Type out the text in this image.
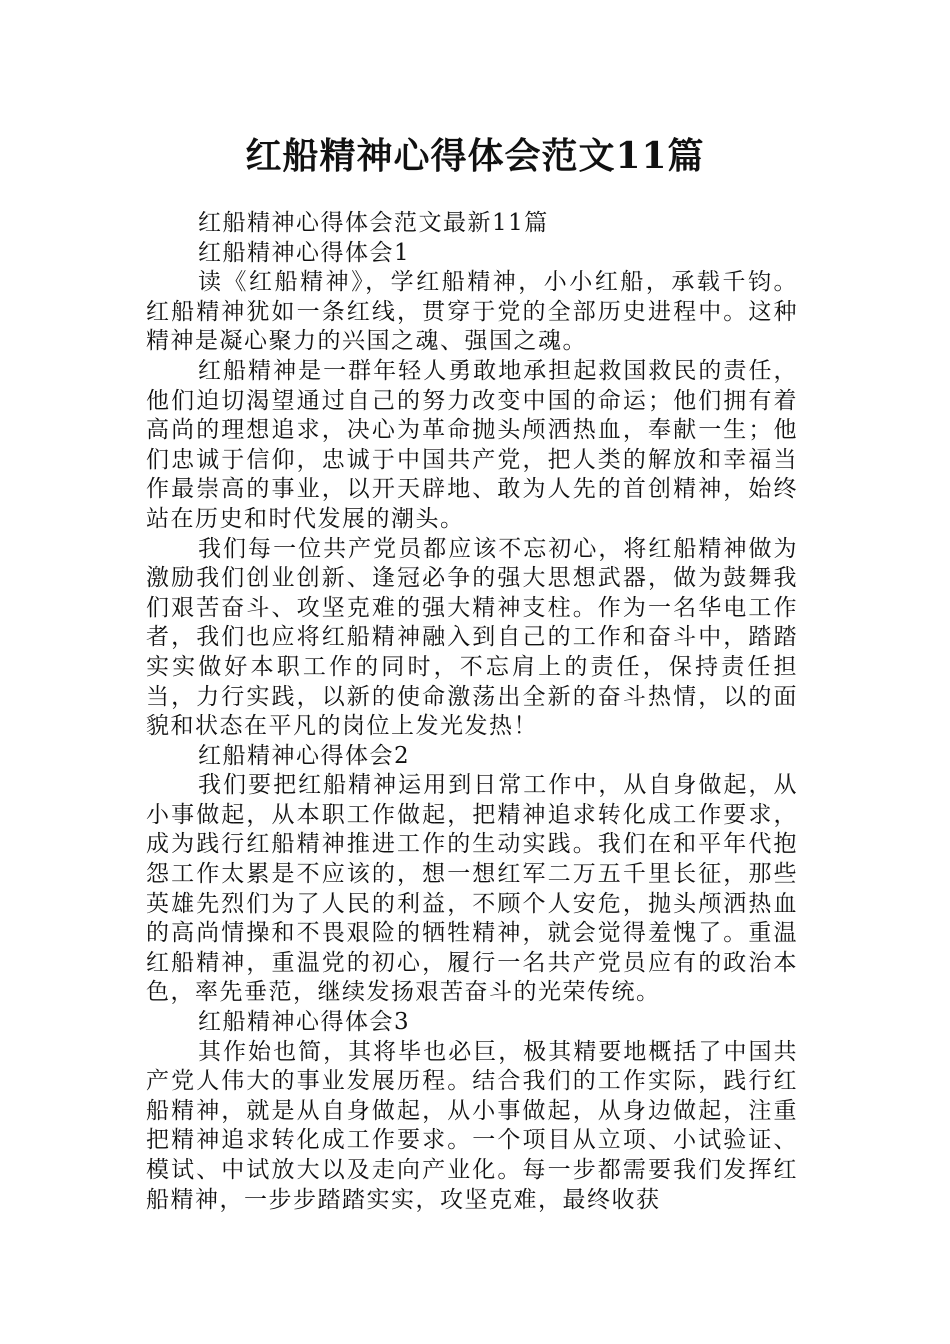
红船精神心得体会范文11篇

红船精神心得体会范文最新11篇

红船精神心得体会1

读《红船精神》，学红船精神，小小红船，承载千钧。红船精神犹如一条红线，贯穿于党的全部历史进程中。这种精神是凝心聚力的兴国之魂、强国之魂。

红船精神是一群年轻人勇敢地承担起救国救民的责任，他们迫切渴望通过自己的努力改变中国的命运；他们拥有着高尚的理想追求，决心为革命抛头颅洒热血，奉献一生；他们忠诚于信仰，忠诚于中国共产党，把人类的解放和幸福当作最崇高的事业，以开天辟地、敢为人先的首创精神，始终站在历史和时代发展的潮头。

我们每一位共产党员都应该不忘初心，将红船精神做为激励我们创业创新、逢冠必争的强大思想武器，做为鼓舞我们艰苦奋斗、攻坚克难的强大精神支柱。作为一名华电工作者，我们也应将红船精神融入到自己的工作和奋斗中，踏踏实实做好本职工作的同时，不忘肩上的责任，保持责任担当，力行实践，以新的使命激荡出全新的奋斗热情，以的面貌和状态在平凡的岗位上发光发热！

红船精神心得体会2

我们要把红船精神运用到日常工作中，从自身做起，从小事做起，从本职工作做起，把精神追求转化成工作要求，成为践行红船精神推进工作的生动实践。我们在和平年代抱怨工作太累是不应该的，想一想红军二万五千里长征，那些英雄先烈们为了人民的利益，不顾个人安危，抛头颅洒热血的高尚情操和不畏艰险的牺牲精神，就会觉得羞愧了。重温红船精神，重温党的初心，履行一名共产党员应有的政治本色，率先垂范，继续发扬艰苦奋斗的光荣传统。

红船精神心得体会3

其作始也简，其将毕也必巨，极其精要地概括了中国共产党人伟大的事业发展历程。结合我们的工作实际，践行红船精神，就是从自身做起，从小事做起，从身边做起，注重把精神追求转化成工作要求。一个项目从立项、小试验证、模试、中试放大以及走向产业化。每一步都需要我们发挥红船精神，一步步踏踏实实，攻坚克难，最终收获
